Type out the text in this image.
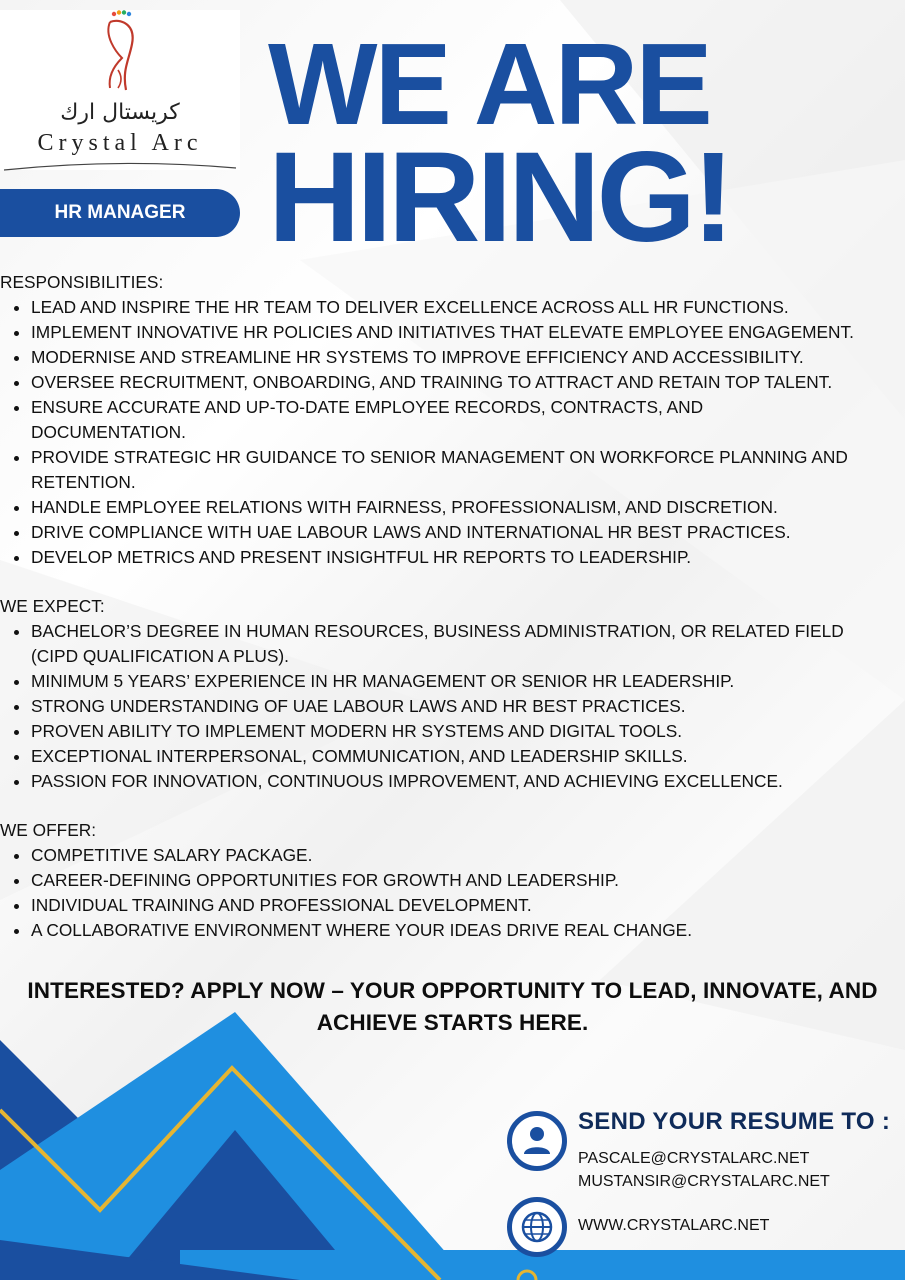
كريستال ارك
Crystal Arc
HR MANAGER
WE ARE
HIRING!

RESPONSIBILITIES:

• LEAD AND INSPIRE THE HR TEAM TO DELIVER EXCELLENCE ACROSS ALL HR FUNCTIONS.
• IMPLEMENT INNOVATIVE HR POLICIES AND INITIATIVES THAT ELEVATE EMPLOYEE ENGAGEMENT.
• MODERNISE AND STREAMLINE HR SYSTEMS TO IMPROVE EFFICIENCY AND ACCESSIBILITY.
• OVERSEE RECRUITMENT, ONBOARDING, AND TRAINING TO ATTRACT AND RETAIN TOP TALENT.
• ENSURE ACCURATE AND UP-TO-DATE EMPLOYEE RECORDS, CONTRACTS, AND DOCUMENTATION.
• PROVIDE STRATEGIC HR GUIDANCE TO SENIOR MANAGEMENT ON WORKFORCE PLANNING AND RETENTION.
• HANDLE EMPLOYEE RELATIONS WITH FAIRNESS, PROFESSIONALISM, AND DISCRETION.
• DRIVE COMPLIANCE WITH UAE LABOUR LAWS AND INTERNATIONAL HR BEST PRACTICES.
• DEVELOP METRICS AND PRESENT INSIGHTFUL HR REPORTS TO LEADERSHIP.

WE EXPECT:

• BACHELOR’S DEGREE IN HUMAN RESOURCES, BUSINESS ADMINISTRATION, OR RELATED FIELD (CIPD QUALIFICATION A PLUS).
• MINIMUM 5 YEARS’ EXPERIENCE IN HR MANAGEMENT OR SENIOR HR LEADERSHIP.
• STRONG UNDERSTANDING OF UAE LABOUR LAWS AND HR BEST PRACTICES.
• PROVEN ABILITY TO IMPLEMENT MODERN HR SYSTEMS AND DIGITAL TOOLS.
• EXCEPTIONAL INTERPERSONAL, COMMUNICATION, AND LEADERSHIP SKILLS.
• PASSION FOR INNOVATION, CONTINUOUS IMPROVEMENT, AND ACHIEVING EXCELLENCE.

WE OFFER:

• COMPETITIVE SALARY PACKAGE.
• CAREER-DEFINING OPPORTUNITIES FOR GROWTH AND LEADERSHIP.
• INDIVIDUAL TRAINING AND PROFESSIONAL DEVELOPMENT.
• A COLLABORATIVE ENVIRONMENT WHERE YOUR IDEAS DRIVE REAL CHANGE.
INTERESTED? APPLY NOW – YOUR OPPORTUNITY TO LEAD, INNOVATE, AND ACHIEVE STARTS HERE.
SEND YOUR RESUME TO :
PASCALE@CRYSTALARC.NET
MUSTANSIR@CRYSTALARC.NET
WWW.CRYSTALARC.NET
